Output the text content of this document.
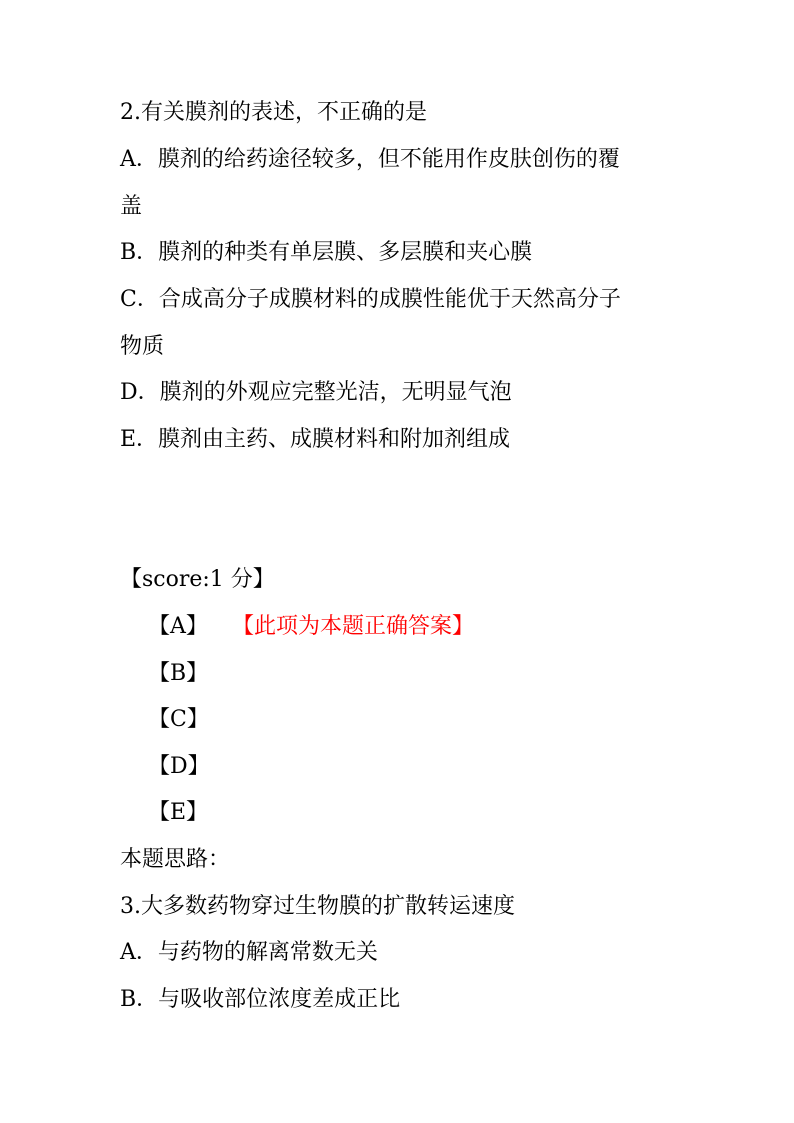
2.有关膜剂的表述，不正确的是
A．膜剂的给药途径较多，但不能用作皮肤创伤的覆
盖
B．膜剂的种类有单层膜、多层膜和夹心膜
C．合成高分子成膜材料的成膜性能优于天然高分子
物质
D．膜剂的外观应完整光洁，无明显气泡
E．膜剂由主药、成膜材料和附加剂组成
【score:1 分】
【A】 【此项为本题正确答案】
【B】
【C】
【D】
【E】
本题思路：
3.大多数药物穿过生物膜的扩散转运速度
A．与药物的解离常数无关
B．与吸收部位浓度差成正比
